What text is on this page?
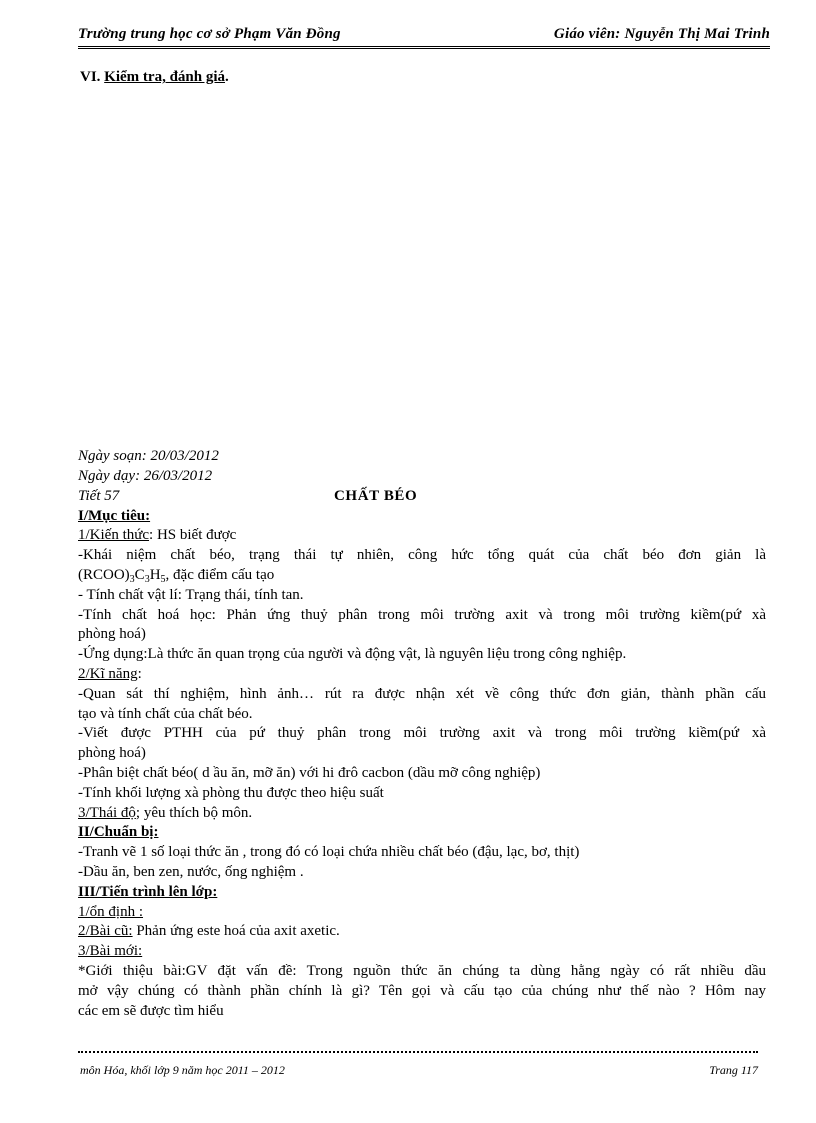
Trường trung học cơ sở Phạm Văn Đồng	Giáo viên: Nguyễn Thị Mai Trinh
VI. Kiểm tra, đánh giá.

Ngày soạn: 20/03/2012

Ngày dạy: 26/03/2012

Tiết 57	CHẤT BÉO

I/Mục tiêu:

1/Kiến thức: HS biết được

-Khái niệm chất béo, trạng thái tự nhiên, công hức tổng quát của chất béo đơn giản là

$(RCOO)_3C_3H_5$, đặc điểm cấu tạo

- Tính chất vật lí: Trạng thái, tính tan.

-Tính chất hoá học: Phản ứng thuỷ phân trong môi trường axit và trong môi trường kiềm(pứ xà

phòng hoá)

-Ứng dụng:Là thức ăn quan trọng của người và động vật, là nguyên liệu trong công nghiệp.

2/Kĩ năng:

-Quan sát thí nghiệm, hình ảnh… rút ra được nhận xét về công thức đơn giản, thành phần cấu

tạo và tính chất của chất béo.

-Viết được PTHH của pứ thuỷ phân trong môi trường axit và trong môi trường kiềm(pứ xà

phòng hoá)

-Phân biệt chất béo( d ầu ăn, mỡ ăn) với hi đrô cacbon (dầu mỡ công nghiệp)

-Tính khối lượng xà phòng thu được theo hiệu suất

3/Thái độ; yêu thích bộ môn.

II/Chuẩn bị:

-Tranh vẽ 1 số loại thức ăn , trong đó có loại chứa nhiều chất béo (đậu, lạc, bơ, thịt)

-Dầu ăn, ben zen, nước, ống nghiệm .

III/Tiến trình lên lớp:

1/ổn định :

2/Bài cũ: Phản ứng este hoá của axit axetic.

3/Bài mới:

*Giới thiệu bài:GV đặt vấn đề: Trong nguồn thức ăn chúng ta dùng hằng ngày có rất nhiều dầu

mở vậy chúng có thành phần chính là gì? Tên gọi và cấu tạo của chúng như thế nào ? Hôm nay

các em sẽ được tìm hiểu

môn Hóa, khối lớp 9 năm học 2011 – 2012	Trang 117
